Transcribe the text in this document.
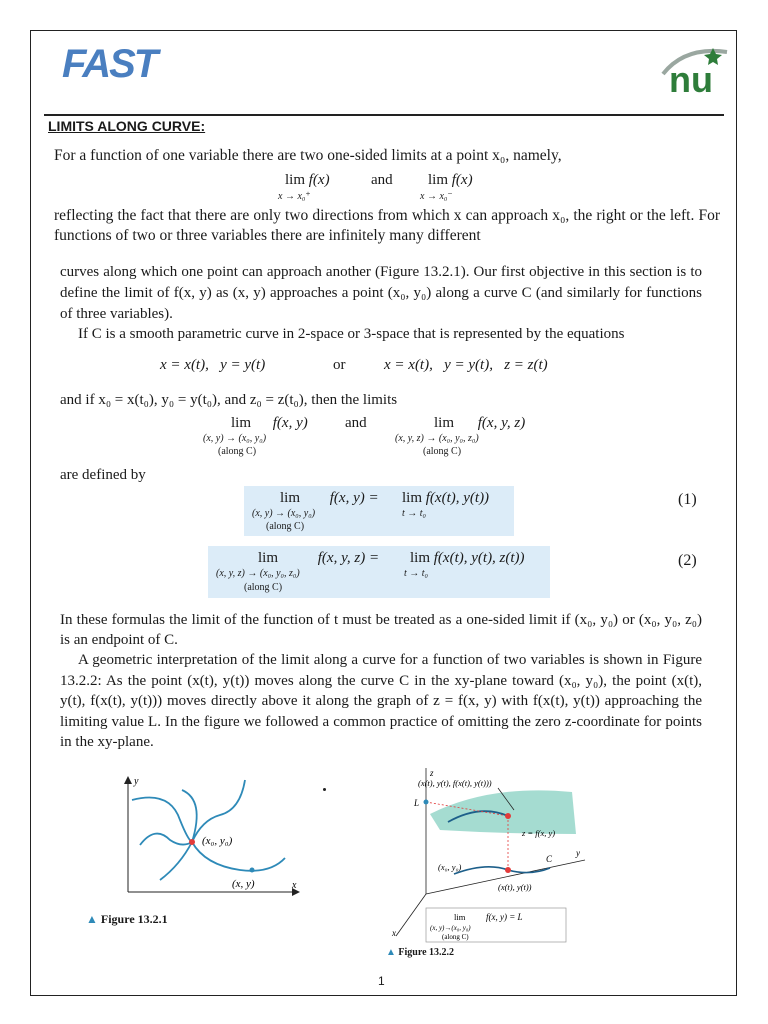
FAST	nu
LIMITS ALONG CURVE:
For a function of one variable there are two one-sided limits at a point x₀, namely,
lim f(x)
x → x₀⁺
and lim f(x)
x → x₀⁻
reflecting the fact that there are only two directions from which x can approach x₀, the right or the left. For functions of two or three variables there are infinitely many different
curves along which one point can approach another (Figure 13.2.1). Our first objective in this section is to define the limit of f(x, y) as (x, y) approaches a point (x₀, y₀) along a curve C (and similarly for functions of three variables).
If C is a smooth parametric curve in 2-space or 3-space that is represented by the equations
x = x(t),   y = y(t)	or	x = x(t),   y = y(t),   z = z(t)
and if x₀ = x(t₀), y₀ = y(t₀), and z₀ = z(t₀), then the limits
lim f(x, y)
(x, y) → (x₀, y₀)
(along C)
and	lim f(x, y, z)
(x, y, z) → (x₀, y₀, z₀)
(along C)
are defined by
lim f(x, y) =
(x, y) → (x₀, y₀)
(along C)
lim f(x(t), y(t))
t → t₀
(1)
lim	f(x, y, z) =
(x, y, z) → (x₀, y₀, z₀)
(along C)
lim f(x(t), y(t), z(t))
t → t₀
(2)
In these formulas the limit of the function of t must be treated as a one-sided limit if (x₀, y₀) or (x₀, y₀, z₀) is an endpoint of C.
A geometric interpretation of the limit along a curve for a function of two variables is shown in Figure 13.2.2: As the point (x(t), y(t)) moves along the curve C in the xy-plane toward (x₀, y₀), the point (x(t), y(t), f(x(t), y(t))) moves directly above it along the graph of z = f(x, y) with f(x(t), y(t)) approaching the limiting value L. In the figure we followed a common practice of omitting the zero z-coordinate for points in the xy-plane.
y
x
(x₀, y₀)
(x, y)
▲ Figure 13.2.1
z
y
x
(x(t), y(t), f(x(t), y(t)))
L
z = f(x, y)
C
(x₀, y₀)
(x(t), y(t))
lim f(x, y) = L
(x, y)→(x₀, y₀)
(along C)
▲ Figure 13.2.2
1
